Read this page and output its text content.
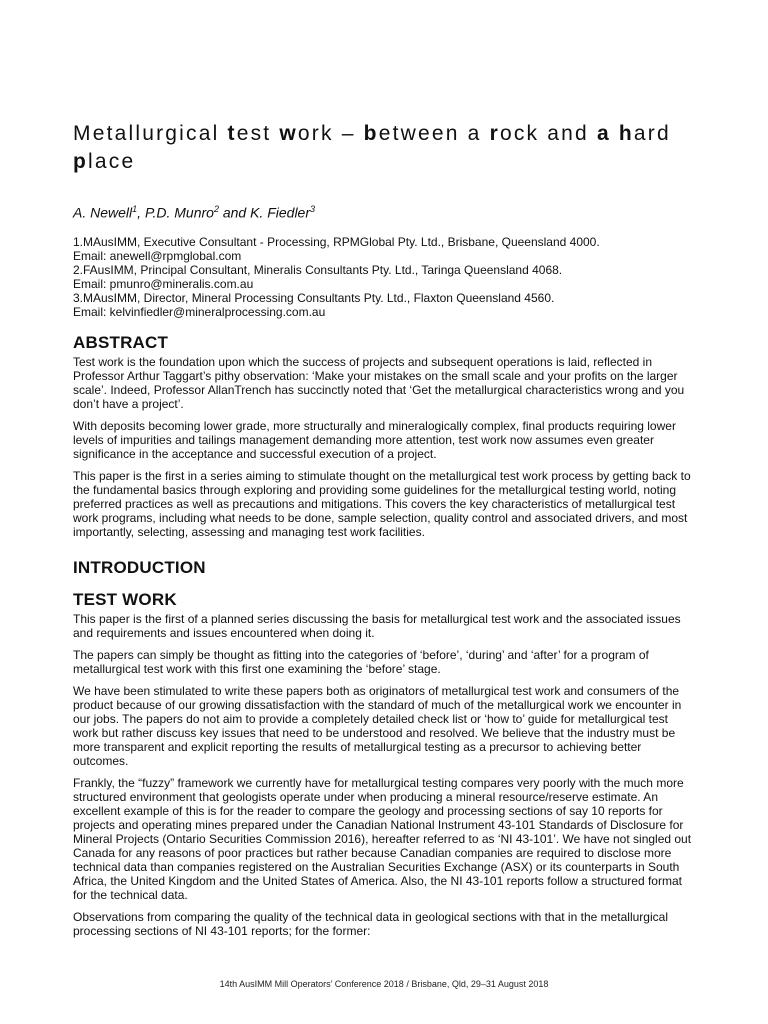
Metallurgical test work – between a rock and a hard place
A. Newell$^1$, P.D. Munro$^2$ and K. Fiedler$^3$
1.MAusIMM, Executive Consultant - Processing, RPMGlobal Pty. Ltd., Brisbane, Queensland 4000.
Email: anewell@rpmglobal.com
2.FAusIMM, Principal Consultant, Mineralis Consultants Pty. Ltd., Taringa Queensland 4068.
Email: pmunro@mineralis.com.au
3.MAusIMM, Director, Mineral Processing Consultants Pty. Ltd., Flaxton Queensland 4560.
Email: kelvinfiedler@mineralprocessing.com.au
ABSTRACT

Test work is the foundation upon which the success of projects and subsequent operations is laid, reflected in Professor Arthur Taggart’s pithy observation: ‘Make your mistakes on the small scale and your profits on the larger scale’. Indeed, Professor AllanTrench has succinctly noted that ‘Get the metallurgical characteristics wrong and you don’t have a project’.

With deposits becoming lower grade, more structurally and mineralogically complex, final products requiring lower levels of impurities and tailings management demanding more attention, test work now assumes even greater significance in the acceptance and successful execution of a project.

This paper is the first in a series aiming to stimulate thought on the metallurgical test work process by getting back to the fundamental basics through exploring and providing some guidelines for the metallurgical testing world, noting preferred practices as well as precautions and mitigations. This covers the key characteristics of metallurgical test work programs, including what needs to be done, sample selection, quality control and associated drivers, and most importantly, selecting, assessing and managing test work facilities.

INTRODUCTION
TEST WORK

This paper is the first of a planned series discussing the basis for metallurgical test work and the associated issues and requirements and issues encountered when doing it.

The papers can simply be thought as fitting into the categories of ‘before’, ‘during’ and ‘after’ for a program of metallurgical test work with this first one examining the ‘before’ stage.

We have been stimulated to write these papers both as originators of metallurgical test work and consumers of the product because of our growing dissatisfaction with the standard of much of the metallurgical work we encounter in our jobs. The papers do not aim to provide a completely detailed check list or ‘how to’ guide for metallurgical test work but rather discuss key issues that need to be understood and resolved. We believe that the industry must be more transparent and explicit reporting the results of metallurgical testing as a precursor to achieving better outcomes.

Frankly, the “fuzzy” framework we currently have for metallurgical testing compares very poorly with the much more structured environment that geologists operate under when producing a mineral resource/reserve estimate. An excellent example of this is for the reader to compare the geology and processing sections of say 10 reports for projects and operating mines prepared under the Canadian National Instrument 43-101 Standards of Disclosure for Mineral Projects (Ontario Securities Commission 2016), hereafter referred to as ‘NI 43-101’. We have not singled out Canada for any reasons of poor practices but rather because Canadian companies are required to disclose more technical data than companies registered on the Australian Securities Exchange (ASX) or its counterparts in South Africa, the United Kingdom and the United States of America. Also, the NI 43-101 reports follow a structured format for the technical data.

Observations from comparing the quality of the technical data in geological sections with that in the metallurgical processing sections of NI 43-101 reports; for the former:

14th AusIMM Mill Operators’ Conference 2018 / Brisbane, Qld, 29–31 August 2018
